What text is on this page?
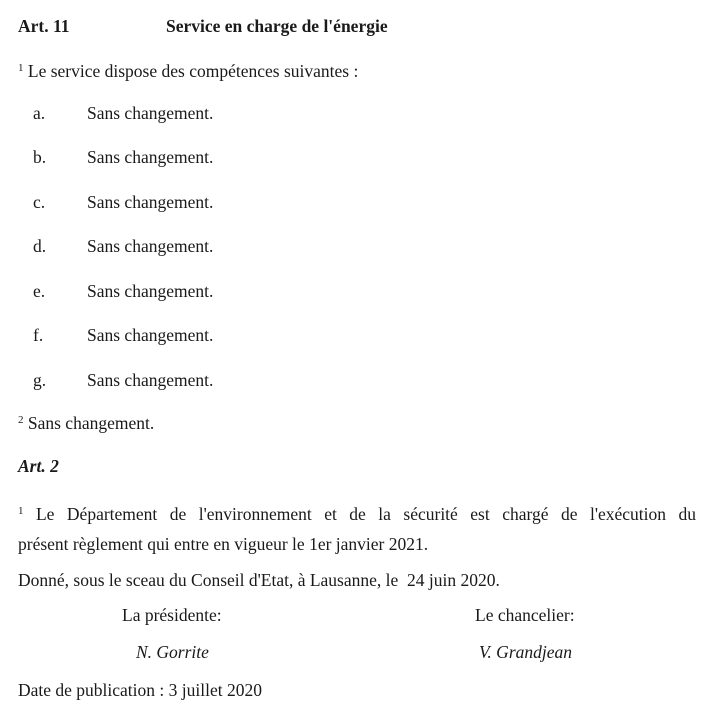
Art. 11	Service en charge de l'énergie
$^1$ Le service dispose des compétences suivantes :
a. Sans changement.
b. Sans changement.
c. Sans changement.
d. Sans changement.
e. Sans changement.
f.	Sans changement.
g. Sans changement.
$^2$ Sans changement.
Art. 2
$^1$ Le Département de l'environnement et de la sécurité est chargé de l'exécution du
présent règlement qui entre en vigueur le 1er janvier 2021.
Donné, sous le sceau du Conseil d'Etat, à Lausanne, le  24 juin 2020.
La présidente:	Le chancelier:
N. Gorrite	V. Grandjean
Date de publication : 3 juillet 2020
